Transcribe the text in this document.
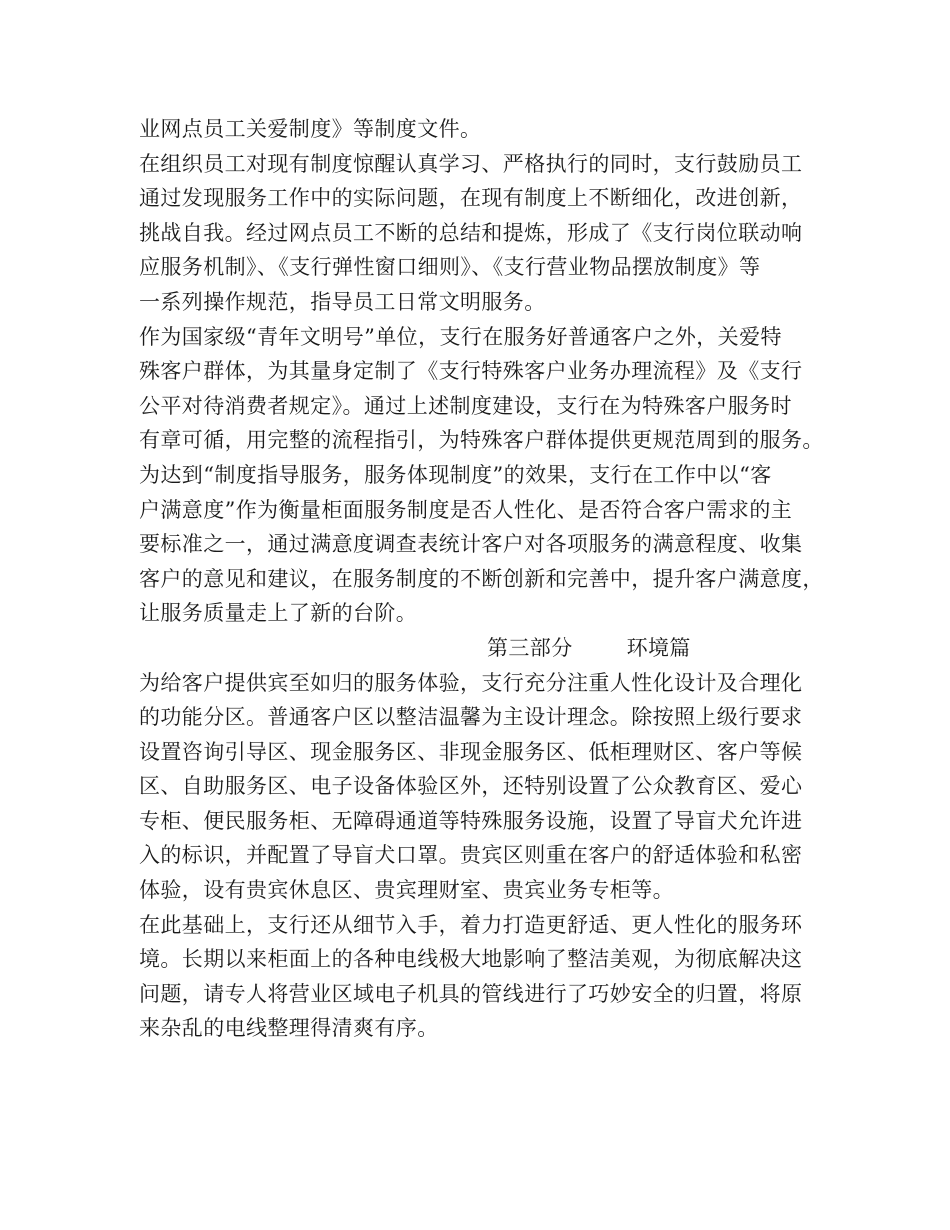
业网点员工关爱制度》等制度文件。
在组织员工对现有制度惊醒认真学习、严格执行的同时，支行鼓励员工
通过发现服务工作中的实际问题，在现有制度上不断细化，改进创新，
挑战自我。经过网点员工不断的总结和提炼，形成了《支行岗位联动响
应服务机制》、《支行弹性窗口细则》、《支行营业物品摆放制度》等
一系列操作规范，指导员工日常文明服务。
作为国家级“青年文明号”单位，支行在服务好普通客户之外，关爱特
殊客户群体，为其量身定制了《支行特殊客户业务办理流程》及《支行
公平对待消费者规定》。通过上述制度建设，支行在为特殊客户服务时
有章可循，用完整的流程指引，为特殊客户群体提供更规范周到的服务。
为达到“制度指导服务，服务体现制度”的效果，支行在工作中以“客
户满意度”作为衡量柜面服务制度是否人性化、是否符合客户需求的主
要标准之一，通过满意度调查表统计客户对各项服务的满意程度、收集
客户的意见和建议，在服务制度的不断创新和完善中，提升客户满意度，
让服务质量走上了新的台阶。
第三部分	环境篇
为给客户提供宾至如归的服务体验，支行充分注重人性化设计及合理化
的功能分区。普通客户区以整洁温馨为主设计理念。除按照上级行要求
设置咨询引导区、现金服务区、非现金服务区、低柜理财区、客户等候
区、自助服务区、电子设备体验区外，还特别设置了公众教育区、爱心
专柜、便民服务柜、无障碍通道等特殊服务设施，设置了导盲犬允许进
入的标识，并配置了导盲犬口罩。贵宾区则重在客户的舒适体验和私密
体验，设有贵宾休息区、贵宾理财室、贵宾业务专柜等。
在此基础上，支行还从细节入手，着力打造更舒适、更人性化的服务环
境。长期以来柜面上的各种电线极大地影响了整洁美观，为彻底解决这
问题，请专人将营业区域电子机具的管线进行了巧妙安全的归置，将原
来杂乱的电线整理得清爽有序。
